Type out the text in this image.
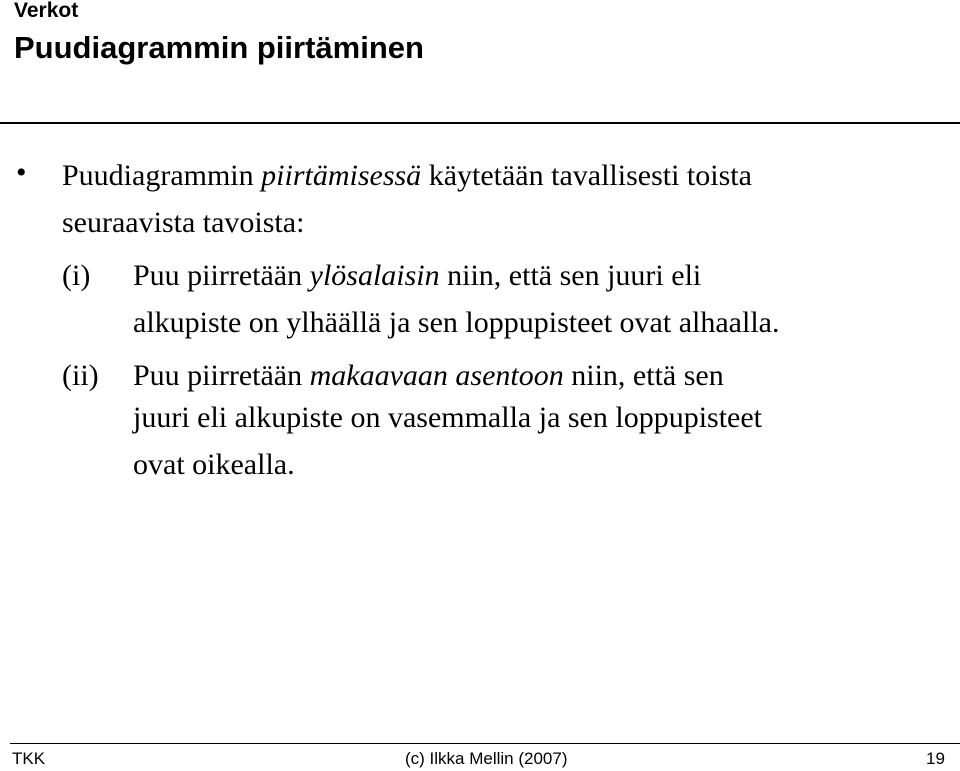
Verkot
Puudiagrammin piirtäminen
• Puudiagrammin piirtämisessä käytetään tavallisesti toista
seuraavista tavoista:
(i) Puu piirretään ylösalaisin niin, että sen juuri eli
alkupiste on ylhäällä ja sen loppupisteet ovat alhaalla.
(ii) Puu piirretään makaavaan asentoon niin, että sen
juuri eli alkupiste on vasemmalla ja sen loppupisteet
ovat oikealla.
TKK	(c) Ilkka Mellin (2007)	19
